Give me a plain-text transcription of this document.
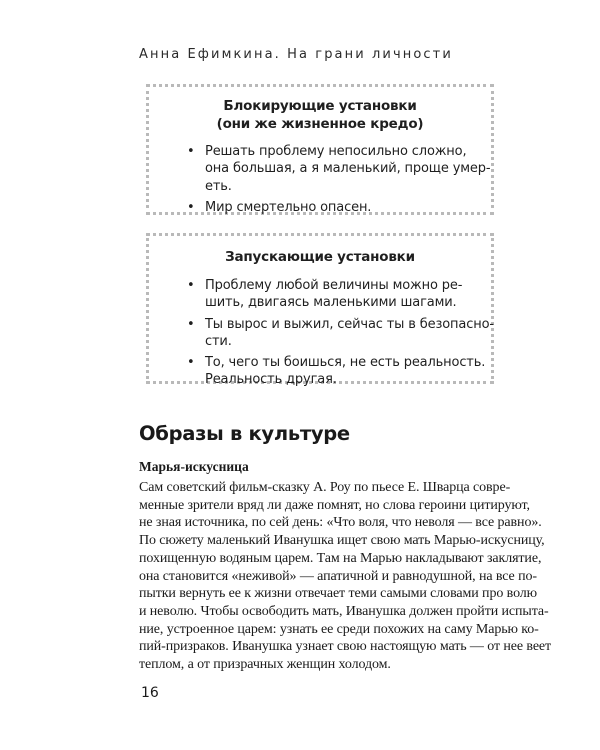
Анна Ефимкина. На грани личности
Блокирующие установки
(они же жизненное кредо)
• Решать проблему непосильно сложно,
она большая, а я маленький, проще умер-
еть.
• Мир смертельно опасен.
Запускающие установки
• Проблему любой величины можно ре-
шить, двигаясь маленькими шагами.
• Ты вырос и выжил, сейчас ты в безопасно-
сти.
• То, чего ты боишься, не есть реальность.
Реальность другая.
Образы в культуре
Марья-искусница
Сам советский фильм-сказку А. Роу по пьесе Е. Шварца совре-
менные зрители вряд ли даже помнят, но слова героини цитируют,
не зная источника, по сей день: «Что воля, что неволя — все равно».
По сюжету маленький Иванушка ищет свою мать Марью-искусницу,
похищенную водяным царем. Там на Марью накладывают заклятие,
она становится «неживой» — апатичной и равнодушной, на все по-
пытки вернуть ее к жизни отвечает теми самыми словами про волю
и неволю. Чтобы освободить мать, Иванушка должен пройти испыта-
ние, устроенное царем: узнать ее среди похожих на саму Марью ко-
пий-призраков. Иванушка узнает свою настоящую мать — от нее веет
теплом, а от призрачных женщин холодом.
16
